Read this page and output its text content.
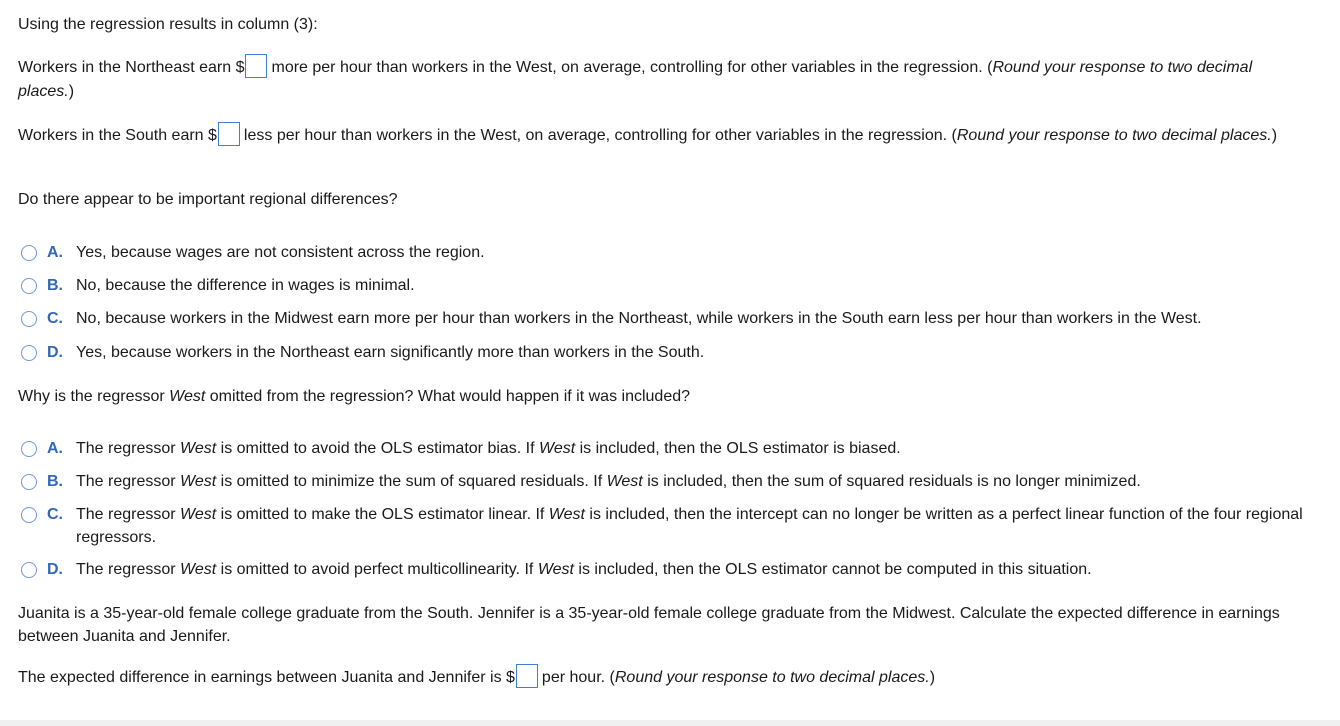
Using the regression results in column (3):
Workers in the Northeast earn $ more per hour than workers in the West, on average, controlling for other variables in the regression. (Round your response to two decimal places.)
Workers in the South earn $ less per hour than workers in the West, on average, controlling for other variables in the regression. (Round your response to two decimal places.)
Do there appear to be important regional differences?
A. Yes, because wages are not consistent across the region.
B. No, because the difference in wages is minimal.
C. No, because workers in the Midwest earn more per hour than workers in the Northeast, while workers in the South earn less per hour than workers in the West.
D. Yes, because workers in the Northeast earn significantly more than workers in the South.
Why is the regressor West omitted from the regression? What would happen if it was included?
A. The regressor West is omitted to avoid the OLS estimator bias. If West is included, then the OLS estimator is biased.
B. The regressor West is omitted to minimize the sum of squared residuals. If West is included, then the sum of squared residuals is no longer minimized.
C. The regressor West is omitted to make the OLS estimator linear. If West is included, then the intercept can no longer be written as a perfect linear function of the four regional regressors.
D. The regressor West is omitted to avoid perfect multicollinearity. If West is included, then the OLS estimator cannot be computed in this situation.
Juanita is a 35-year-old female college graduate from the South. Jennifer is a 35-year-old female college graduate from the Midwest. Calculate the expected difference in earnings between Juanita and Jennifer.
The expected difference in earnings between Juanita and Jennifer is $ per hour. (Round your response to two decimal places.)
